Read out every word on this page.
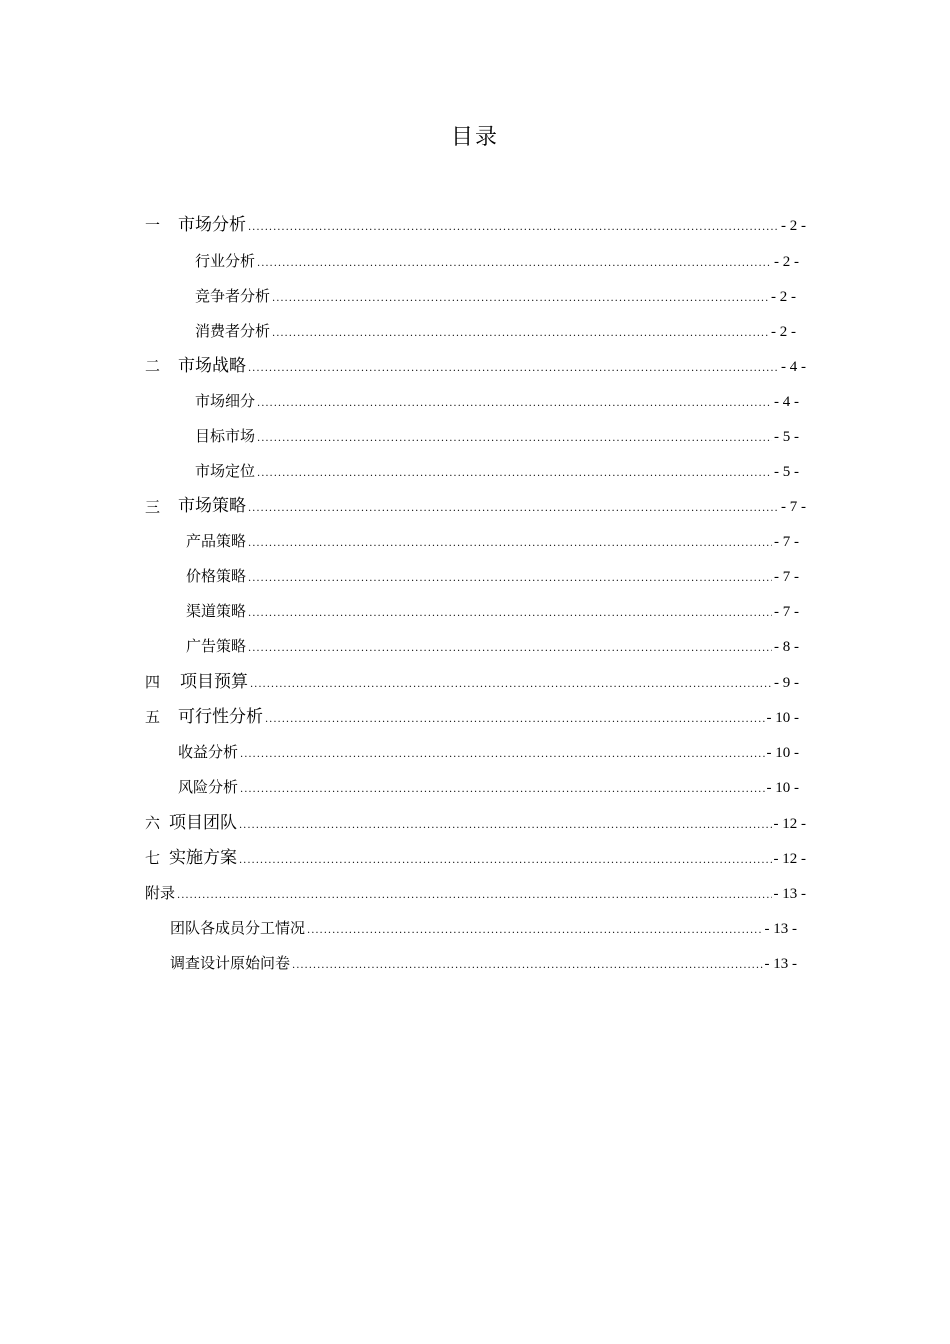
目录
一 市场分析 .....	- 2 -
行业分析 .....	- 2 -
竞争者分析 .....	- 2 -
消费者分析 .....	- 2 -
二 市场战略 .....	- 4 -
市场细分 .....	- 4 -
目标市场 .....	- 5 -
市场定位 .....	- 5 -
三 市场策略 .....	- 7 -
产品策略 .....	- 7 -
价格策略 .....	- 7 -
渠道策略 .....	- 7 -
广告策略 .....	- 8 -
四 项目预算 .....	- 9 -
五 可行性分析 .....	- 10 -
收益分析 .....	- 10 -
风险分析 .....	- 10 -
六 项目团队 .....	- 12 -
七 实施方案 .....	- 12 -
附录 .....	- 13 -
团队各成员分工情况 .....	- 13 -
调查设计原始问卷 .....	- 13 -
